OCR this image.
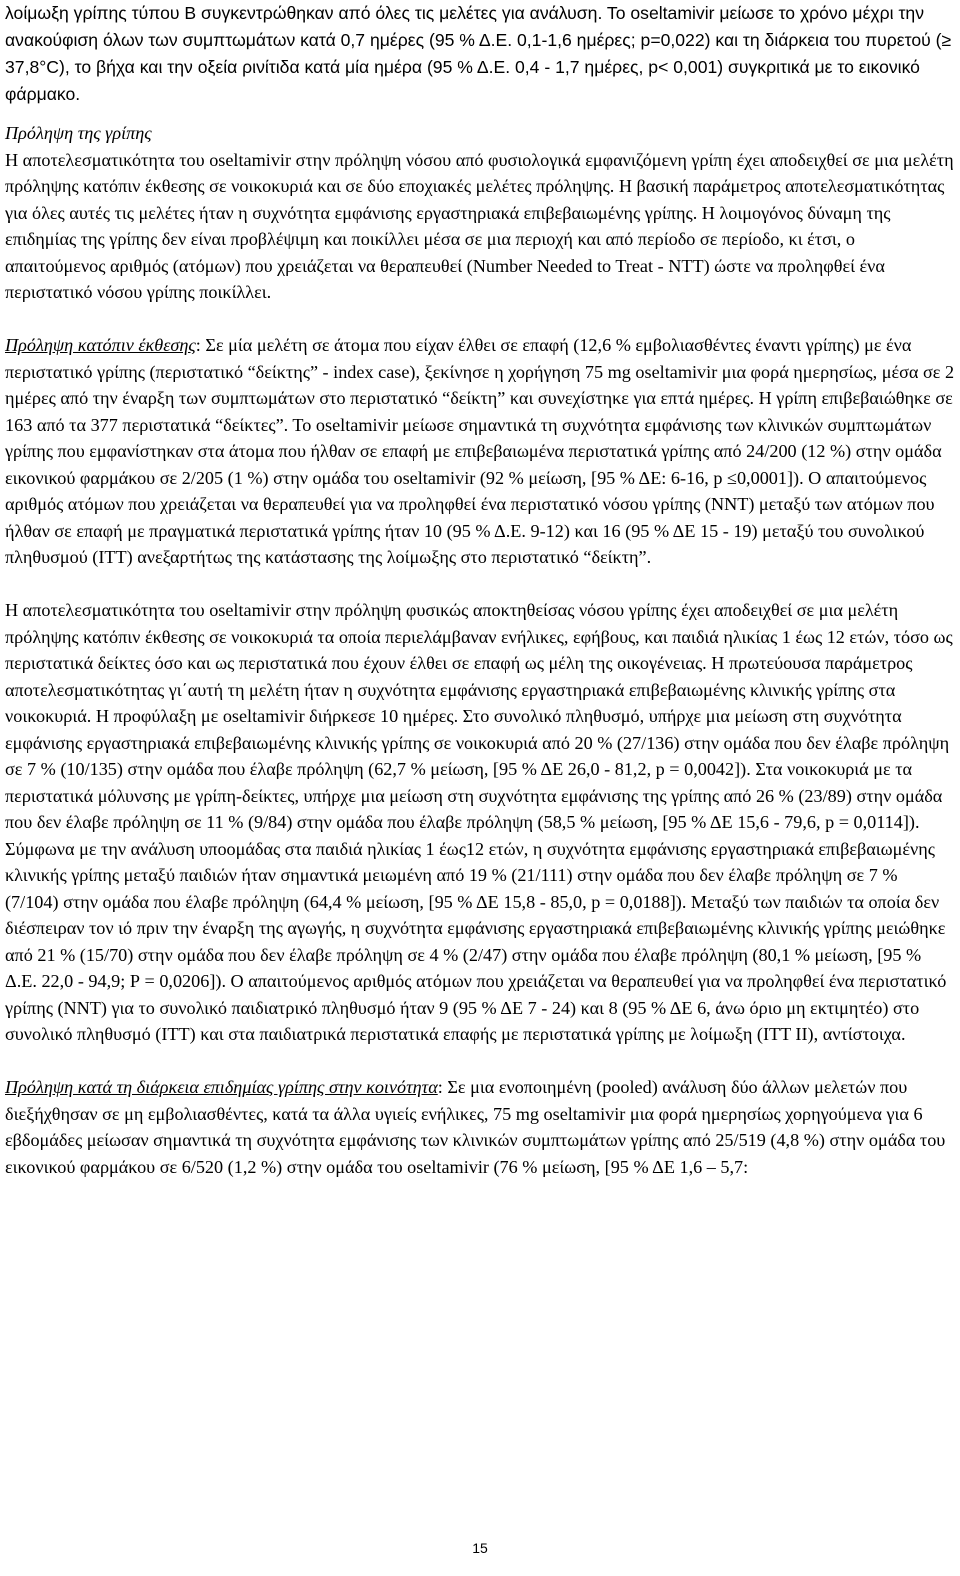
λοίμωξη γρίπης τύπου Β συγκεντρώθηκαν από όλες τις μελέτες για ανάλυση. Το oseltamivir μείωσε το χρόνο μέχρι την ανακούφιση όλων των συμπτωμάτων κατά 0,7 ημέρες (95 % Δ.Ε. 0,1-1,6 ημέρες; p=0,022) και τη διάρκεια του πυρετού (≥ 37,8°C), το βήχα και την οξεία ρινίτιδα κατά μία ημέρα (95 % Δ.Ε. 0,4 - 1,7 ημέρες, p< 0,001) συγκριτικά με το εικονικό φάρμακο.

Πρόληψη της γρίπης
Η αποτελεσματικότητα του oseltamivir στην πρόληψη νόσου από φυσιολογικά εμφανιζόμενη γρίπη έχει αποδειχθεί σε μια μελέτη πρόληψης κατόπιν έκθεσης σε νοικοκυριά και σε δύο εποχιακές μελέτες πρόληψης. Η βασική παράμετρος αποτελεσματικότητας για όλες αυτές τις μελέτες ήταν η συχνότητα εμφάνισης εργαστηριακά επιβεβαιωμένης γρίπης. Η λοιμογόνος δύναμη της επιδημίας της γρίπης δεν είναι προβλέψιμη και ποικίλλει μέσα σε μια περιοχή και από περίοδο σε περίοδο, κι έτσι, ο απαιτούμενος αριθμός (ατόμων) που χρειάζεται να θεραπευθεί (Number Needed to Treat - NTT) ώστε να προληφθεί ένα περιστατικό νόσου γρίπης ποικίλλει.

Πρόληψη κατόπιν έκθεσης: Σε μία μελέτη σε άτομα που είχαν έλθει σε επαφή (12,6 % εμβολιασθέντες έναντι γρίπης) με ένα περιστατικό γρίπης (περιστατικό “δείκτης” - index case), ξεκίνησε η χορήγηση 75 mg oseltamivir μια φορά ημερησίως, μέσα σε 2 ημέρες από την έναρξη των συμπτωμάτων στο περιστατικό “δείκτη” και συνεχίστηκε για επτά ημέρες. Η γρίπη επιβεβαιώθηκε σε 163 από τα 377 περιστατικά “δείκτες”. Το oseltamivir μείωσε σημαντικά τη συχνότητα εμφάνισης των κλινικών συμπτωμάτων γρίπης που εμφανίστηκαν στα άτομα που ήλθαν σε επαφή με επιβεβαιωμένα περιστατικά γρίπης από 24/200 (12 %) στην ομάδα εικονικού φαρμάκου σε 2/205 (1 %) στην ομάδα του oseltamivir (92 % μείωση, [95 % ΔΕ: 6-16, p ≤0,0001]). Ο απαιτούμενος αριθμός ατόμων που χρειάζεται να θεραπευθεί για να προληφθεί ένα περιστατικό νόσου γρίπης (NNT) μεταξύ των ατόμων που ήλθαν σε επαφή με πραγματικά περιστατικά γρίπης ήταν 10 (95 % Δ.Ε. 9-12) και 16 (95 % ΔΕ 15 - 19) μεταξύ του συνολικού πληθυσμού (ΙΤΤ) ανεξαρτήτως της κατάστασης της λοίμωξης στο περιστατικό “δείκτη”.

Η αποτελεσματικότητα του oseltamivir στην πρόληψη φυσικώς αποκτηθείσας νόσου γρίπης έχει αποδειχθεί σε μια μελέτη πρόληψης κατόπιν έκθεσης σε νοικοκυριά τα οποία περιελάμβαναν ενήλικες, εφήβους, και παιδιά ηλικίας 1 έως 12 ετών, τόσο ως περιστατικά δείκτες όσο και ως περιστατικά που έχουν έλθει σε επαφή ως μέλη της οικογένειας. Η πρωτεύουσα παράμετρος αποτελεσματικότητας γι΄αυτή τη μελέτη ήταν η συχνότητα εμφάνισης εργαστηριακά επιβεβαιωμένης κλινικής γρίπης στα νοικοκυριά. Η προφύλαξη με oseltamivir διήρκεσε 10 ημέρες. Στο συνολικό πληθυσμό, υπήρχε μια μείωση στη συχνότητα εμφάνισης εργαστηριακά επιβεβαιωμένης κλινικής γρίπης σε νοικοκυριά από 20 % (27/136) στην ομάδα που δεν έλαβε πρόληψη σε 7 % (10/135) στην ομάδα που έλαβε πρόληψη (62,7 % μείωση, [95 % ΔΕ 26,0 - 81,2, p = 0,0042]). Στα νοικοκυριά με τα περιστατικά μόλυνσης με γρίπη-δείκτες, υπήρχε μια μείωση στη συχνότητα εμφάνισης της γρίπης από 26 % (23/89) στην ομάδα που δεν έλαβε πρόληψη σε 11 % (9/84) στην ομάδα που έλαβε πρόληψη (58,5 % μείωση, [95 % ΔΕ 15,6 - 79,6, p = 0,0114]).

Σύμφωνα με την ανάλυση υποομάδας στα παιδιά ηλικίας 1 έως12 ετών, η συχνότητα εμφάνισης εργαστηριακά επιβεβαιωμένης κλινικής γρίπης μεταξύ παιδιών ήταν σημαντικά μειωμένη από 19 % (21/111) στην ομάδα που δεν έλαβε πρόληψη σε 7 % (7/104) στην ομάδα που έλαβε πρόληψη (64,4 % μείωση, [95 % ΔΕ 15,8 - 85,0, p = 0,0188]). Μεταξύ των παιδιών τα οποία δεν διέσπειραν τον ιό πριν την έναρξη της αγωγής, η συχνότητα εμφάνισης εργαστηριακά επιβεβαιωμένης κλινικής γρίπης μειώθηκε από 21 % (15/70) στην ομάδα που δεν έλαβε πρόληψη σε 4 % (2/47) στην ομάδα που έλαβε πρόληψη (80,1 % μείωση, [95 % Δ.Ε. 22,0 - 94,9; Ρ = 0,0206]). Ο απαιτούμενος αριθμός ατόμων που χρειάζεται να θεραπευθεί για να προληφθεί ένα περιστατικό γρίπης (NNT) για το συνολικό παιδιατρικό πληθυσμό ήταν 9 (95 % ΔΕ 7 - 24) και 8 (95 % ΔΕ 6, άνω όριο μη εκτιμητέο) στο συνολικό πληθυσμό (ITT) και στα παιδιατρικά περιστατικά επαφής με περιστατικά γρίπης με λοίμωξη (ITT II), αντίστοιχα.

Πρόληψη κατά τη διάρκεια επιδημίας γρίπης στην κοινότητα: Σε μια ενοποιημένη (pooled) ανάλυση δύο άλλων μελετών που διεξήχθησαν σε μη εμβολιασθέντες, κατά τα άλλα υγιείς ενήλικες, 75 mg oseltamivir μια φορά ημερησίως χορηγούμενα για 6 εβδομάδες μείωσαν σημαντικά τη συχνότητα εμφάνισης των κλινικών συμπτωμάτων γρίπης από 25/519 (4,8 %) στην ομάδα του εικονικού φαρμάκου σε 6/520 (1,2 %) στην ομάδα του oseltamivir (76 % μείωση, [95 % ΔΕ 1,6 – 5,7:

15
